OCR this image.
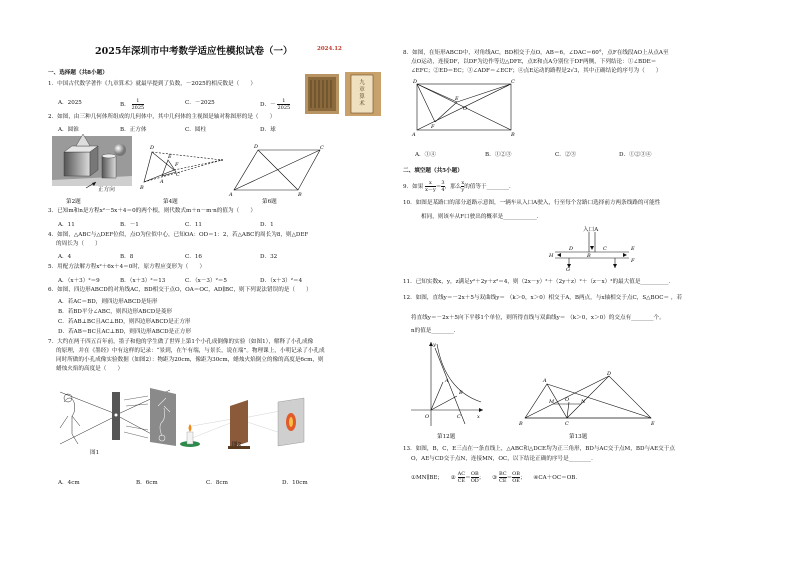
2025年深圳市中考数学适应性模拟试卷（一）	2024.12
一、选择题（共8小题）
1．中国古代数学著作《九章算术》就最早提到了负数，－2025的相反数是（　　）
A．2025	B． $\frac{1}{2025}$	C．－2025	D．－ $\frac{1}{2025}$
九章算术
2．如图，由三种几何体所组成的几何体中，其中几何体的主视图是轴对称图形的是（　　）
A．圆锥	B．正方体	C．圆柱	D．球
正方向
第2题
D
E
A
B
C
F
第4题
D	C
A	B
第6题
3．已知m和n是方程x²－5x＋4＝0的两个根，则代数式m＋n－m·n的值为（　　）
A．11	B．－1	C．11	D．1
4．如图，△ABC与△DEF位似，点O为位似中心，已知OA：OD＝1：2，若△ABC的周长为8，则△DEF
的周长为（　　）
A．4	B．8	C．16	D．32
5．用配方法解方程x²＋6x＋4＝0时，原方程应变形为（　　）
A．（x＋3）²＝9	B．（x＋3）²＝13	C．（x－3）²＝5	D．（x＋3）²＝4
6．如图，四边形ABCD的对角线AC，BD相交于点O，OA＝OC，AD∥BC，则下列说法错误的是（　　）
A．若AC＝BD，则四边形ABCD是矩形
B．若BD平分∠ABC，则四边形ABCD是菱形
C．若AB⊥BC且AC⊥BD，则四边形ABCD是正方形
D．若AB＝BC且AC⊥BD，则四边形ABCD是正方形
7．大约在两千四五百年前，墨子和他的学生做了世界上第1个小孔成倒像的实验（如图1），解释了小孔成像
的原理，并在《墨经》中有这样的记录：“景到，在午有端，与景长，说在端”。物理课上，小明记录了小孔成
同时所做的小孔成像实验数据（如图2）：物距为20cm，像距为30cm，蜡烛火焰倒立的像的高度是6cm，则
蜡烛火焰的高度是（　　）
图1
图2
A．4cm	B．6cm	C．8cm	D．10cm
8．如图，在矩形ABCD中，对角线AC，BD相交于点O，AB＝6，∠DAC＝60°，点F在线段AO上从点A至
点O运动，连接DF，以DF为边作等边△DFE，点E和点A分别位于DF两侧，下列结论：①∠BDE＝
∠EFC；②ED＝EC；③∠ADF＝∠ECF；④点E运动的路程是2√3，其中正确结论的序号为（　　）
D	C
E
O
F
A	B
A．①④	B．①②③	C．②③	D．①②③④
二、填空题（共5小题）
9．如果 $\frac{x}{x-y} = \frac{3}{4}$ ，那么 $\frac{x}{y}$ 的值等于________．
10．如图是某路口的部分道路示意图，一辆车从入口A驶入，行至每个岔路口选择前方两条线路的可能性
相同，则该车从F口驶出的概率是____________．
H
D
B
C	E
G
F
入口A
11．已知实数x，y，z满足y²＋2y＋z²＝4，则（2x－y）²＋（2y＋z）²＋（z－x）²的最大值是__________．
12．如图，直线y＝－2x＋5与双曲线y＝ （k＞0，x＞0）相交于A，B两点，与x轴相交于点C，S△BOC＝ ，若
将直线y＝－2x＋5向下平移1个单位，则所得直线与双曲线y＝ （k＞0，x＞0）的交点有________个。
n的值是________．
y
A
B
O	C	x
第12题
A
D
M	N
O
B	C	E
第13题
13．如图，B，C，E三点在一条直线上，△ABC和△DCE均为正三角形，BD与AC交于点M，BD与AE交于点
O，AE与CD交于点N，连接MN，OC，以下结论正确的序号是________．
①MN∥BE； ② $\frac{AC}{CE} = \frac{OB}{OD}$ ； ③ $\frac{BC}{CE} = \frac{OB}{OE}$ ； ④CA＋OC＝OB．
